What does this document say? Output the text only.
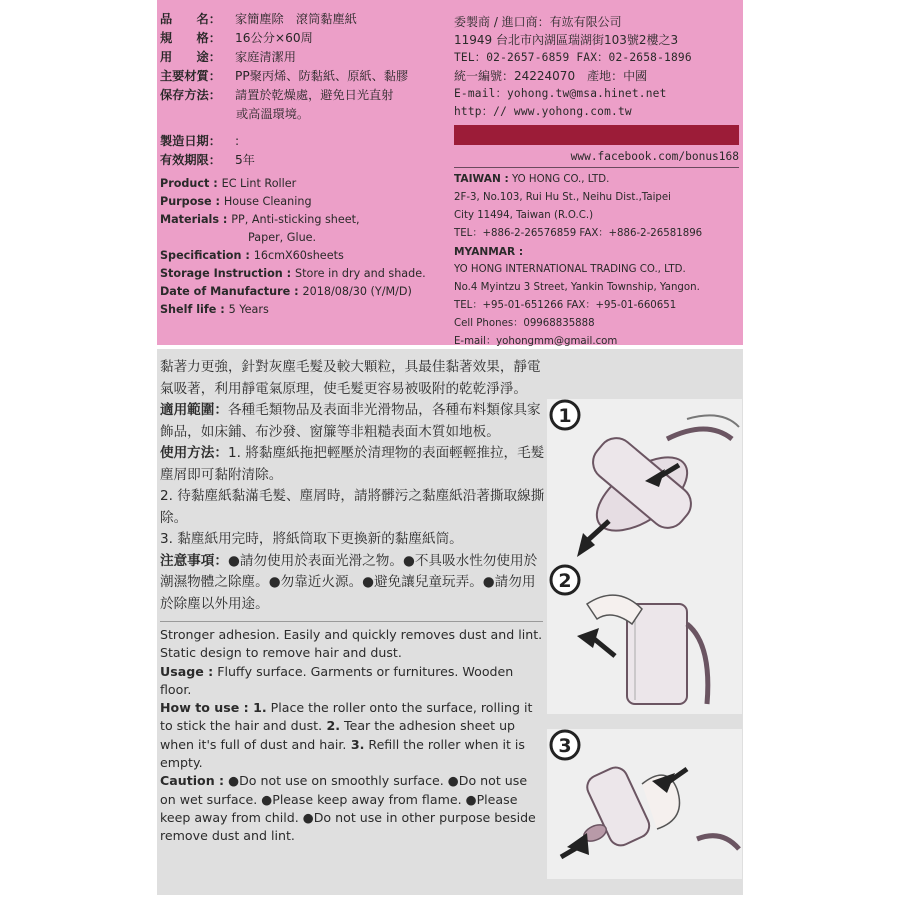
品　　名： 家簡塵除　滾筒黏塵紙
規　　格： 16公分×60周
用　　途： 家庭清潔用
主要材質： PP聚丙烯、防黏紙、原紙、黏膠
保存方法： 請置於乾燥處，避免日光直射
或高溫環境。
製造日期： :
有效期限： 5年
Product : EC Lint Roller
Purpose : House Cleaning
Materials : PP, Anti-sticking sheet,
Paper, Glue.
Specification : 16cmX60sheets
Storage Instruction : Store in dry and shade.
Date of Manufacture : 2018/08/30 (Y/M/D)
Shelf life : 5 Years
委製商 / 進口商：有竑有限公司
11949 台北市內湖區瑞湖街103號2樓之3
TEL：02-2657-6859 FAX：02-2658-1896
統一編號：24224070　產地：中國
E-mail：yohong.tw@msa.hinet.net
http：// www.yohong.com.tw
www.facebook.com/bonus168
TAIWAN : YO HONG CO., LTD.
2F-3, No.103, Rui Hu St., Neihu Dist.,Taipei
City 11494, Taiwan (R.O.C.)
TEL：+886-2-26576859 FAX：+886-2-26581896
MYANMAR :
YO HONG INTERNATIONAL TRADING CO., LTD.
No.4 Myintzu 3 Street, Yankin Township, Yangon.
TEL：+95-01-651266 FAX：+95-01-660651
Cell Phones：09968835888
E-mail：yohongmm@gmail.com
黏著力更強，針對灰塵毛髮及較大顆粒，具最佳黏著效果，靜電氣吸著，利用靜電氣原理，使毛髮更容易被吸附的乾乾淨淨。
適用範圍：各種毛類物品及表面非光滑物品，各種布料類傢具家飾品，如床鋪、布沙發、窗簾等非粗糙表面木質如地板。
使用方法：1. 將黏塵紙拖把輕壓於清理物的表面輕輕推拉，毛髮塵屑即可黏附清除。
2. 待黏塵紙黏滿毛髮、塵屑時，請將髒污之黏塵紙沿著撕取線撕除。
3. 黏塵紙用完時，將紙筒取下更換新的黏塵紙筒。
注意事項：●請勿使用於表面光滑之物。●不具吸水性勿使用於潮濕物體之除塵。●勿靠近火源。●避免讓兒童玩弄。●請勿用於除塵以外用途。
Stronger adhesion. Easily and quickly removes dust and lint. Static design to remove hair and dust.
Usage : Fluffy surface. Garments or furnitures. Wooden floor.
How to use : 1. Place the roller onto the surface, rolling it to stick the hair and dust. 2. Tear the adhesion sheet up when it's full of dust and hair. 3. Refill the roller when it is empty.
Caution : ●Do not use on smoothly surface. ●Do not use on wet surface. ●Please keep away from flame. ●Please keep away from child. ●Do not use in other purpose beside remove dust and lint.
1
2
3
